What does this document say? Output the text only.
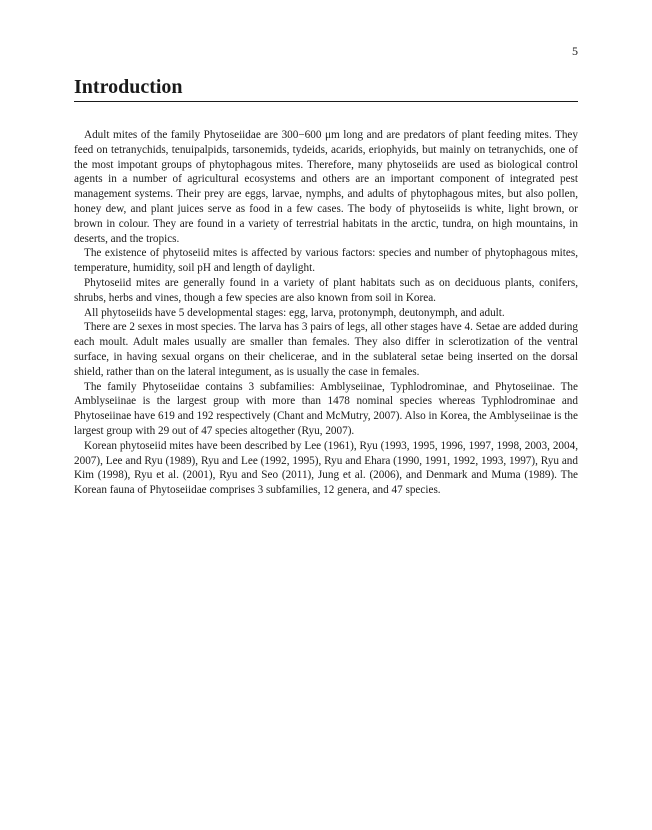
5
Introduction

Adult mites of the family Phytoseiidae are 300−600 μm long and are predators of plant feeding mites. They feed on tetranychids, tenuipalpids, tarsonemids, tydeids, acarids, eriophyids, but mainly on tetranychids, one of the most impotant groups of phytophagous mites. Therefore, many phytoseiids are used as biological control agents in a number of agricultural ecosystems and others are an important component of integrated pest management systems. Their prey are eggs, larvae, nymphs, and adults of phytophagous mites, but also pollen, honey dew, and plant juices serve as food in a few cases. The body of phytoseiids is white, light brown, or brown in colour. They are found in a variety of terrestrial habitats in the arctic, tundra, on high mountains, in deserts, and the tropics.

The existence of phytoseiid mites is affected by various factors: species and number of phytophagous mites, temperature, humidity, soil pH and length of daylight.

Phytoseiid mites are generally found in a variety of plant habitats such as on deciduous plants, conifers, shrubs, herbs and vines, though a few species are also known from soil in Korea.

All phytoseiids have 5 developmental stages: egg, larva, protonymph, deutonymph, and adult.

There are 2 sexes in most species. The larva has 3 pairs of legs, all other stages have 4. Setae are added during each moult. Adult males usually are smaller than females. They also differ in sclerotization of the ventral surface, in having sexual organs on their chelicerae, and in the sublateral setae being inserted on the dorsal shield, rather than on the lateral integument, as is usually the case in females.

The family Phytoseiidae contains 3 subfamilies: Amblyseiinae, Typhlodrominae, and Phytoseiinae. The Amblyseiinae is the largest group with more than 1478 nominal species whereas Typhlodrominae and Phytoseiinae have 619 and 192 respectively (Chant and McMutry, 2007). Also in Korea, the Amblyseiinae is the largest group with 29 out of 47 species altogether (Ryu, 2007).

Korean phytoseiid mites have been described by Lee (1961), Ryu (1993, 1995, 1996, 1997, 1998, 2003, 2004, 2007), Lee and Ryu (1989), Ryu and Lee (1992, 1995), Ryu and Ehara (1990, 1991, 1992, 1993, 1997), Ryu and Kim (1998), Ryu et al. (2001), Ryu and Seo (2011), Jung et al. (2006), and Denmark and Muma (1989). The Korean fauna of Phytoseiidae comprises 3 subfamilies, 12 genera, and 47 species.
